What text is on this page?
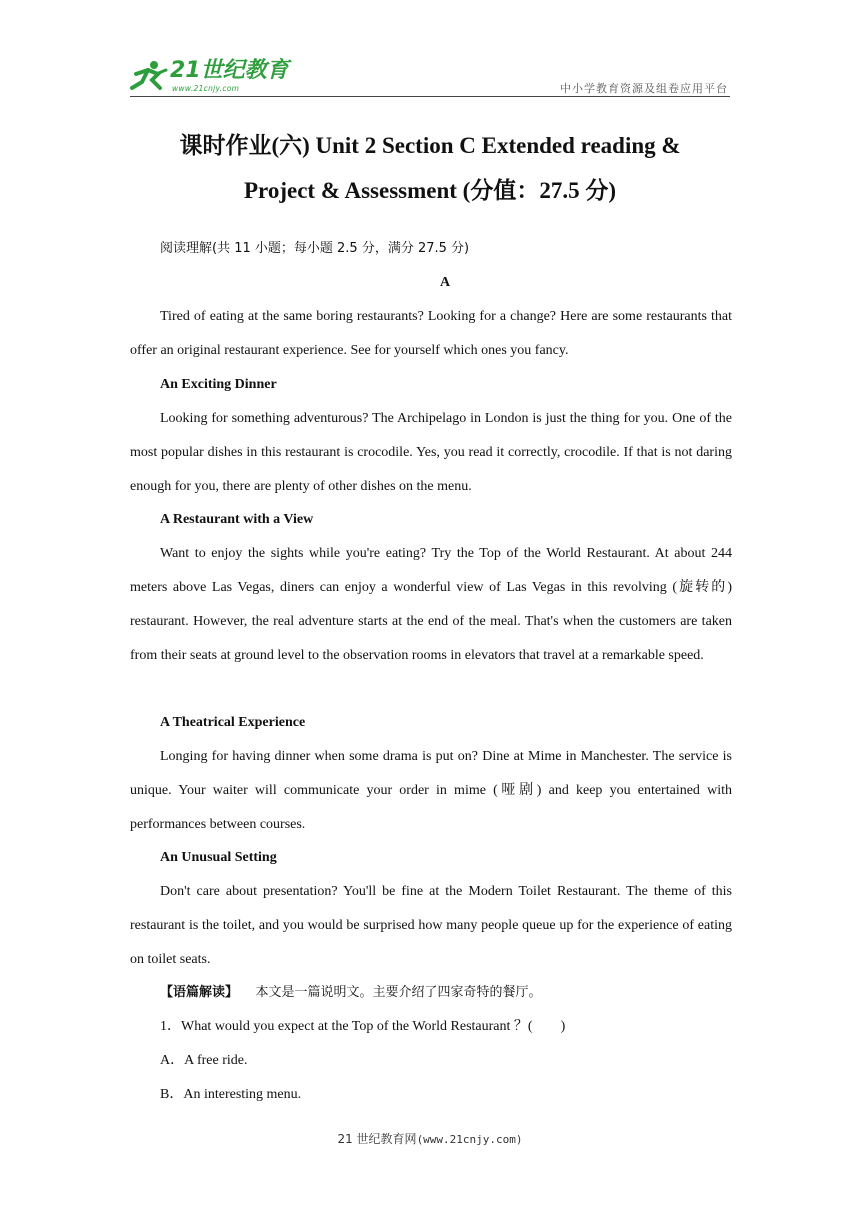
21世纪教育
www.21cnjy.com	中小学教育资源及组卷应用平台
课时作业(六) Unit 2 Section C Extended reading &
Project & Assessment (分值：27.5 分)
阅读理解(共 11 小题；每小题 2.5 分，满分 27.5 分)
A
Tired of eating at the same boring restaurants? Looking for a change? Here are some restaurants that offer an original restaurant experience. See for yourself which ones you fancy.
An Exciting Dinner
Looking for something adventurous? The Archipelago in London is just the thing for you. One of the most popular dishes in this restaurant is crocodile. Yes, you read it correctly, crocodile. If that is not daring enough for you, there are plenty of other dishes on the menu.
A Restaurant with a View
Want to enjoy the sights while you're eating? Try the Top of the World Restaurant. At about 244 meters above Las Vegas, diners can enjoy a wonderful view of Las Vegas in this revolving (旋转的) restaurant. However, the real adventure starts at the end of the meal. That's when the customers are taken from their seats at ground level to the observation rooms in elevators that travel at a remarkable speed.
A Theatrical Experience
Longing for having dinner when some drama is put on? Dine at Mime in Manchester. The service is unique. Your waiter will communicate your order in mime (哑剧) and keep you entertained with performances between courses.
An Unusual Setting
Don't care about presentation? You'll be fine at the Modern Toilet Restaurant. The theme of this restaurant is the toilet, and you would be surprised how many people queue up for the experience of eating on toilet seats.
【语篇解读】 本文是一篇说明文。主要介绍了四家奇特的餐厅。
1．What would you expect at the Top of the World Restaurant ？(　　)
A．A free ride.
B．An interesting menu.
21 世纪教育网(www.21cnjy.com)
